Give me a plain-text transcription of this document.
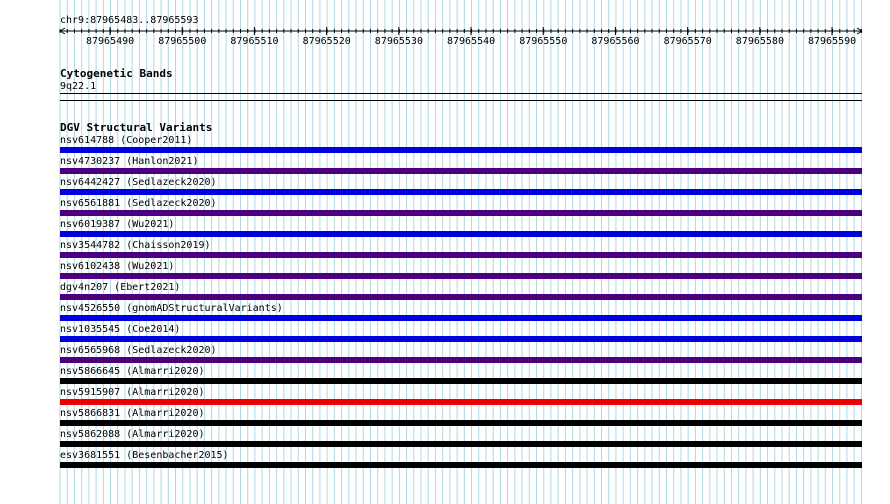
chr9:87965483..87965593
87965490 87965500 87965510 87965520 87965530 87965540 87965550 87965560 87965570 87965580 87965590
Cytogenetic Bands
9q22.1
DGV Structural Variants
nsv614788 (Cooper2011)
nsv4730237 (Hanlon2021)
nsv6442427 (Sedlazeck2020)
nsv6561881 (Sedlazeck2020)
nsv6019387 (Wu2021)
nsv3544782 (Chaisson2019)
nsv6102438 (Wu2021)
dgv4n207 (Ebert2021)
nsv4526550 (gnomADStructuralVariants)
nsv1035545 (Coe2014)
nsv6565968 (Sedlazeck2020)
nsv5866645 (Almarri2020)
nsv5915907 (Almarri2020)
nsv5866831 (Almarri2020)
nsv5862088 (Almarri2020)
esv3681551 (Besenbacher2015)
